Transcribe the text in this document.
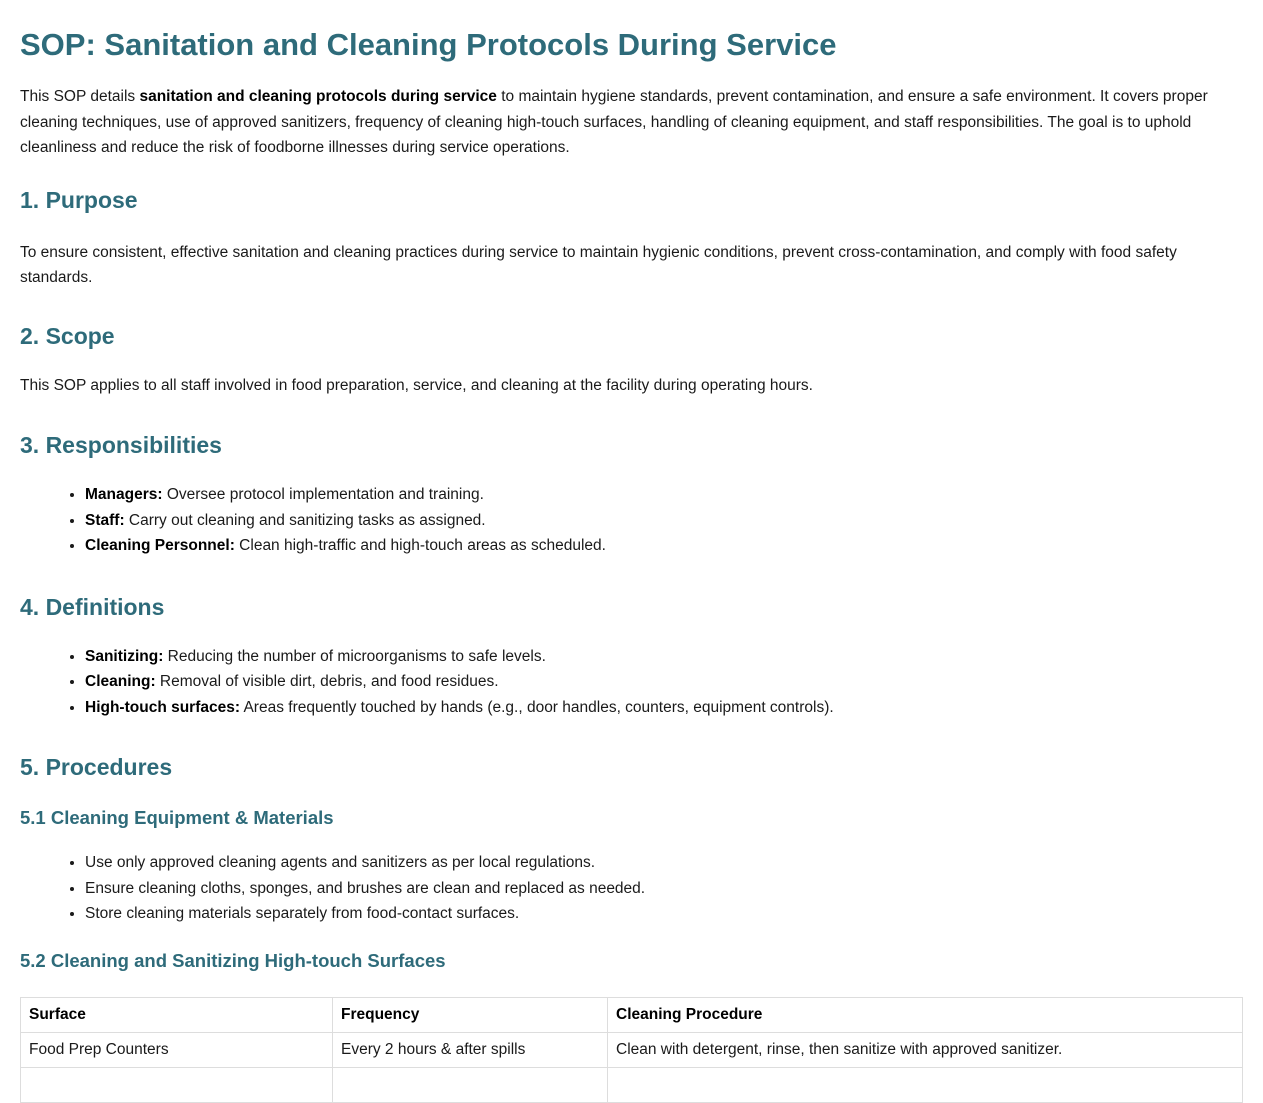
SOP: Sanitation and Cleaning Protocols During Service

This SOP details sanitation and cleaning protocols during service to maintain hygiene standards, prevent contamination, and ensure a safe environment. It covers proper cleaning techniques, use of approved sanitizers, frequency of cleaning high-touch surfaces, handling of cleaning equipment, and staff responsibilities. The goal is to uphold cleanliness and reduce the risk of foodborne illnesses during service operations.

1. Purpose

To ensure consistent, effective sanitation and cleaning practices during service to maintain hygienic conditions, prevent cross-contamination, and comply with food safety standards.

2. Scope

This SOP applies to all staff involved in food preparation, service, and cleaning at the facility during operating hours.

3. Responsibilities
• Managers: Oversee protocol implementation and training.
• Staff: Carry out cleaning and sanitizing tasks as assigned.
• Cleaning Personnel: Clean high-traffic and high-touch areas as scheduled.
4. Definitions
• Sanitizing: Reducing the number of microorganisms to safe levels.
• Cleaning: Removal of visible dirt, debris, and food residues.
• High-touch surfaces: Areas frequently touched by hands (e.g., door handles, counters, equipment controls).
5. Procedures
5.1 Cleaning Equipment & Materials
• Use only approved cleaning agents and sanitizers as per local regulations.
• Ensure cleaning cloths, sponges, and brushes are clean and replaced as needed.
• Store cleaning materials separately from food-contact surfaces.
5.2 Cleaning and Sanitizing High-touch Surfaces
Surface	Frequency	Cleaning Procedure
Food Prep Counters	Every 2 hours & after spills	Clean with detergent, rinse, then sanitize with approved sanitizer.
